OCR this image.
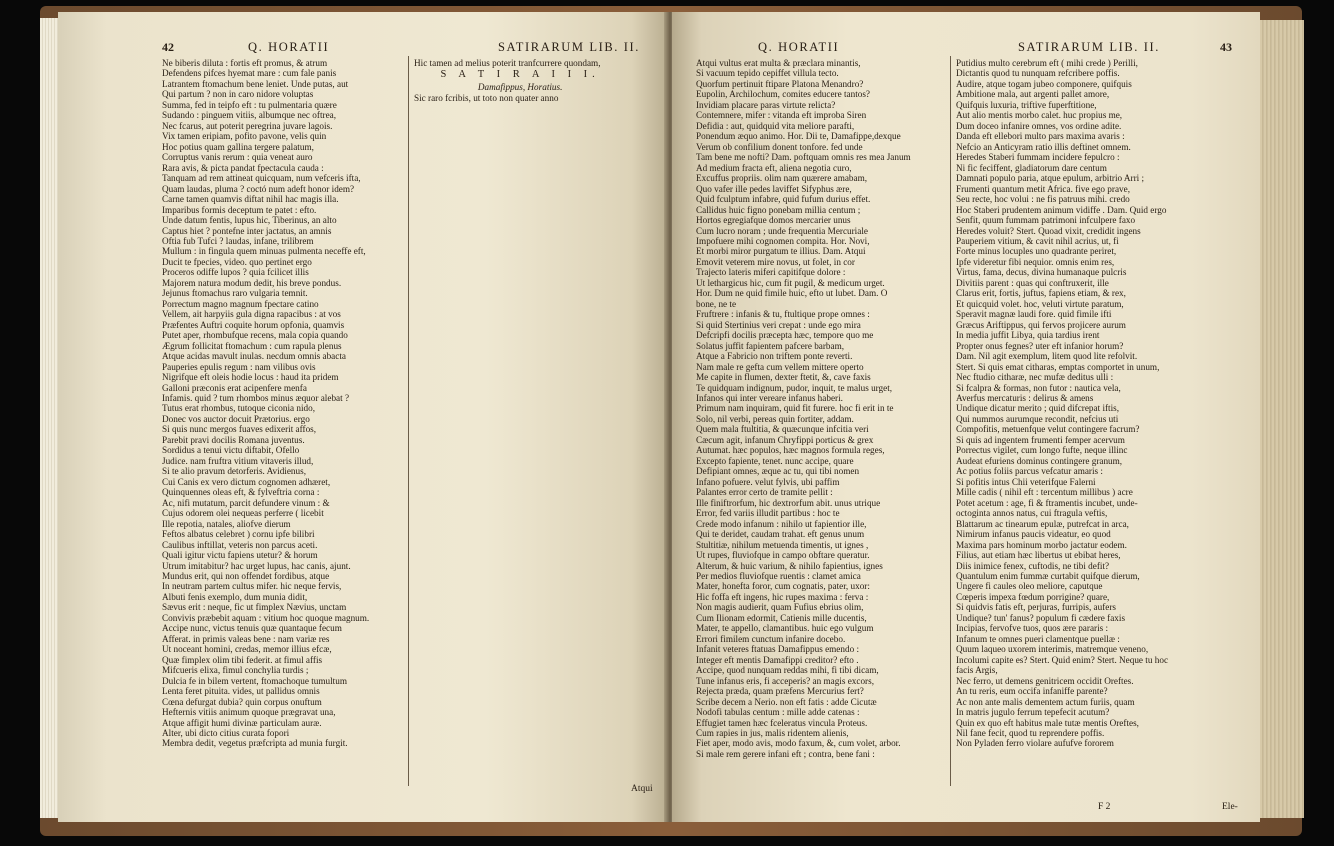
42	Q. HORATII	SATIRARUM LIB. II.
Ne biberis diluta : fortis eft promus, & atrum
Defendens pifces hyemat mare : cum fale panis
Latrantem ftomachum bene leniet. Unde putas, aut
Qui partum ? non in caro nidore voluptas
Summa, fed in teipfo eft : tu pulmentaria quære
Sudando : pinguem vitiis, albumque nec oftrea,
Nec fcarus, aut poterit peregrina juvare lagois.
Vix tamen eripiam, pofito pavone, velis quin
Hoc potius quam gallina tergere palatum,
Corruptus vanis rerum : quia veneat auro
Rara avis, & picta pandat fpectacula cauda :
Tanquam ad rem attineat quicquam, num vefceris ifta,
Quam laudas, pluma ? coctó num adeft honor idem?
Carne tamen quamvis diftat nihil hac magis illa.
Imparibus formis deceptum te patet : efto.
Unde datum fentis, lupus hic, Tiberinus, an alto
Captus hiet ? pontefne inter jactatus, an amnis
Oftia fub Tufci ? laudas, infane, trilibrem
Mullum : in fingula quem minuas pulmenta neceffe eft,
Ducit te fpecies, video. quo pertinet ergo
Proceros odiffe lupos ? quia fcilicet illis
Majorem natura modum dedit, his breve pondus.
Jejunus ftomachus raro vulgaria temnit.
Porrectum magno magnum fpectare catino
Vellem, ait harpyiis gula digna rapacibus : at vos
Præfentes Auftri coquite horum opfonia, quamvis
Putet aper, rhombufque recens, mala copia quando
Ægrum follicitat ftomachum : cum rapula plenus
Atque acidas mavult inulas. necdum omnis abacta
Pauperies epulis regum : nam vilibus ovis
Nigrifque eft oleis hodie locus : haud ita pridem
Galloni præconis erat acipenfere menfa
Infamis. quid ? tum rhombos minus æquor alebat ?
Tutus erat rhombus, tutoque ciconia nido,
Donec vos auctor docuit Prætorius. ergo
Si quis nunc mergos fuaves edixerit affos,
Parebit pravi docilis Romana juventus.
Sordidus a tenui victu diftabit, Ofello
Judice. nam fruftra vitium vitaveris illud,
Si te alio pravum detorferis. Avidienus,
Cui Canis ex vero dictum cognomen adhæret,
Quinquennes oleas eft, & fylveftria corna :
Ac, nifi mutatum, parcit defundere vinum : &
Cujus odorem olei nequeas perferre ( licebit
Ille repotia, natales, aliofve dierum
Feftos albatus celebret ) cornu ipfe bilibri
Caulibus inftillat, veteris non parcus aceti.
Quali igitur victu fapiens utetur? & horum
Utrum imitabitur? hac urget lupus, hac canis, ajunt.
Mundus erit, qui non offendet fordibus, atque
In neutram partem cultus mifer. hic neque fervis,
Albuti fenis exemplo, dum munia didit,
Sævus erit : neque, fic ut fimplex Nævius, unctam
Convivis præbebit aquam : vitium hoc quoque magnum.
Accipe nunc, victus tenuis quæ quantaque fecum
Afferat. in primis valeas bene : nam variæ res
Ut noceant homini, credas, memor illius efcæ,
Quæ fimplex olim tibi federit. at fimul affis
Mifcueris elixa, fimul conchylia turdis ;
Dulcia fe in bilem vertent, ftomachoque tumultum
Lenta feret pituita. vides, ut pallidus omnis
Cœna defurgat dubia? quin corpus onuftum
Hefternis vitiis animum quoque prægravat una,
Atque affigit humi divinæ particulam auræ.
Alter, ubi dicto citius curata fopori
Membra dedit, vegetus præfcripta ad munia furgit.
Hic tamen ad melius poterit tranfcurrere quondam,
S A T I R A I I I.
Damafippus, Horatius.
Sic raro fcribis, ut toto non quater anno
Atqui
Q. HORATII	SATIRARUM LIB. II.	43
Atqui vultus erat multa & præclara minantis,
Si vacuum tepido cepiffet villula tecto.
Quorfum pertinuit ftipare Platona Menandro?
Eupolin, Archilochum, comites educere tantos?
Invidiam placare paras virtute relicta?
Contemnere, mifer : vitanda eft improba Siren
Defidia : aut, quidquid vita meliore parafti,
Ponendum æquo animo. Hor. Dii te, Damafippe,dexque
Verum ob confilium donent tonfore. fed unde
Tam bene me nofti? Dam. poftquam omnis res mea Janum
Ad medium fracta eft, aliena negotia curo,
Excuffus propriis. olim nam quærere amabam,
Quo vafer ille pedes laviffet Sifyphus ære,
Quid fculptum infabre, quid fufum durius effet.
Callidus huic figno ponebam millia centum ;
Hortos egregiafque domos mercarier unus
Cum lucro noram ; unde frequentia Mercuriale
Impofuere mihi cognomen compita. Hor. Novi,
Et morbi miror purgatum te illius. Dam. Atqui
Emovit veterem mire novus, ut folet, in cor
Trajecto lateris miferi capitifque dolore :
Ut lethargicus hic, cum fit pugil, & medicum urget.
Hor. Dum ne quid fimile huic, efto ut lubet. Dam. O
bone, ne te
Fruftrere : infanis & tu, ftultique prope omnes :
Si quid Stertinius veri crepat : unde ego mira
Defcripfi docilis præcepta hæc, tempore quo me
Solatus juffit fapientem pafcere barbam,
Atque a Fabricio non triftem ponte reverti.
Nam male re gefta cum vellem mittere operto
Me capite in flumen, dexter ftetit, &, cave faxis
Te quidquam indignum, pudor, inquit, te malus urget,
Infanos qui inter vereare infanus haberi.
Primum nam inquiram, quid fit furere. hoc fi erit in te
Solo, nil verbi, pereas quin fortiter, addam.
Quem mala ftultitia, & quæcunque infcitia veri
Cæcum agit, infanum Chryfippi porticus & grex
Autumat. hæc populos, hæc magnos formula reges,
Excepto fapiente, tenet. nunc accipe, quare
Defipiant omnes, æque ac tu, qui tibi nomen
Infano pofuere. velut fylvis, ubi paffim
Palantes error certo de tramite pellit :
Ille finiftrorfum, hic dextrorfum abit. unus utrique
Error, fed variis illudit partibus : hoc te
Crede modo infanum : nihilo ut fapientior ille,
Qui te deridet, caudam trahat. eft genus unum
Stultitiæ, nihilum metuenda timentis, ut ignes ,
Ut rupes, fluviofque in campo obftare queratur.
Alterum, & huic varium, & nihilo fapientius, ignes
Per medios fluviofque ruentis : clamet amica
Mater, honefta foror, cum cognatis, pater, uxor:
Hic foffa eft ingens, hic rupes maxima : ferva :
Non magis audierit, quam Fufius ebrius olim,
Cum Ilionam edormit, Catienis mille ducentis,
Mater, te appello, clamantibus. huic ego vulgum
Errori fimilem cunctum infanire docebo.
Infanit veteres ftatuas Damafippus emendo :
Integer eft mentis Damafippi creditor? efto .
Accipe, quod nunquam reddas mihi, fi tibi dicam,
Tune infanus eris, fi acceperis? an magis excors,
Rejecta præda, quam præfens Mercurius fert?
Scribe decem a Nerio. non eft fatis : adde Cicutæ
Nodofi tabulas centum : mille adde catenas :
Effugiet tamen hæc fceleratus vincula Proteus.
Cum rapies in jus, malis ridentem alienis,
Fiet aper, modo avis, modo faxum, &, cum volet, arbor.
Si male rem gerere infani eft ; contra, bene fani :
Putidius multo cerebrum eft ( mihi crede ) Perilli,
Dictantis quod tu nunquam refcribere poffis.
Audire, atque togam jubeo componere, quifquis
Ambitione mala, aut argenti pallet amore,
Quifquis luxuria, triftive fuperftitione,
Aut alio mentis morbo calet. huc propius me,
Dum doceo infanire omnes, vos ordine adite.
Danda eft ellebori multo pars maxima avaris :
Nefcio an Anticyram ratio illis deftinet omnem.
Heredes Staberi fummam incidere fepulcro :
Ni fic feciffent, gladiatorum dare centum
Damnati populo paria, atque epulum, arbitrio Arri ;
Frumenti quantum metit Africa. five ego prave,
Seu recte, hoc volui : ne fis patruus mihi. credo
Hoc Staberi prudentem animum vidiffe . Dam. Quid ergo
Senfit, quum fummam patrimoni infculpere faxo
Heredes voluit? Stert. Quoad vixit, credidit ingens
Pauperiem vitium, & cavit nihil acrius, ut, fi
Forte minus locuples uno quadrante periret,
Ipfe videretur fibi nequior. omnis enim res,
Virtus, fama, decus, divina humanaque pulcris
Divitiis parent : quas qui conftruxerit, ille
Clarus erit, fortis, juftus, fapiens etiam, & rex,
Et quicquid volet. hoc, veluti virtute paratum,
Speravit magnæ laudi fore. quid fimile ifti
Græcus Ariftippus, qui fervos projicere aurum
In media juffit Libya, quia tardius irent
Propter onus fegnes? uter eft infanior horum?
Dam. Nil agit exemplum, litem quod lite refolvit.
Stert. Si quis emat citharas, emptas comportet in unum,
Nec ftudio citharæ, nec mufæ deditus ulli :
Si fcalpra & formas, non futor : nautica vela,
Averfus mercaturis : delirus & amens
Undique dicatur merito ; quid difcrepat iftis,
Qui nummos aurumque recondit, nefcius uti
Compofitis, metuenfque velut contingere facrum?
Si quis ad ingentem frumenti femper acervum
Porrectus vigilet, cum longo fufte, neque illinc
Audeat efuriens dominus contingere granum,
Ac potius foliis parcus vefcatur amaris :
Si pofitis intus Chii veterifque Falerni
Mille cadis ( nihil eft : tercentum millibus ) acre
Potet acetum : age, fi & ftramentis incubet, unde-
octoginta annos natus, cui ftragula veftis,
Blattarum ac tinearum epulæ, putrefcat in arca,
Nimirum infanus paucis videatur, eo quod
Maxima pars hominum morbo jactatur eodem.
Filius, aut etiam hæc libertus ut ebibat heres,
Diis inimice fenex, cuftodis, ne tibi defit?
Quantulum enim fummæ curtabit quifque dierum,
Ungere fi caules oleo meliore, caputque
Cœperis impexa fœdum porrigine? quare,
Si quidvis fatis eft, perjuras, furripis, aufers
Undique? tun' fanus? populum fi cædere faxis
Incipias, fervofve tuos, quos ære pararis :
Infanum te omnes pueri clamentque puellæ :
Quum laqueo uxorem interimis, matremque veneno,
Incolumi capite es? Stert. Quid enim? Stert. Neque tu hoc
facis Argis,
Nec ferro, ut demens genitricem occidit Oreftes.
An tu reris, eum occifa infaniffe parente?
Ac non ante malis dementem actum furiis, quam
In matris jugulo ferrum tepefecit acutum?
Quin ex quo eft habitus male tutæ mentis Oreftes,
Nil fane fecit, quod tu reprendere poffis.
Non Pyladen ferro violare aufufve fororem
F 2	Ele-
